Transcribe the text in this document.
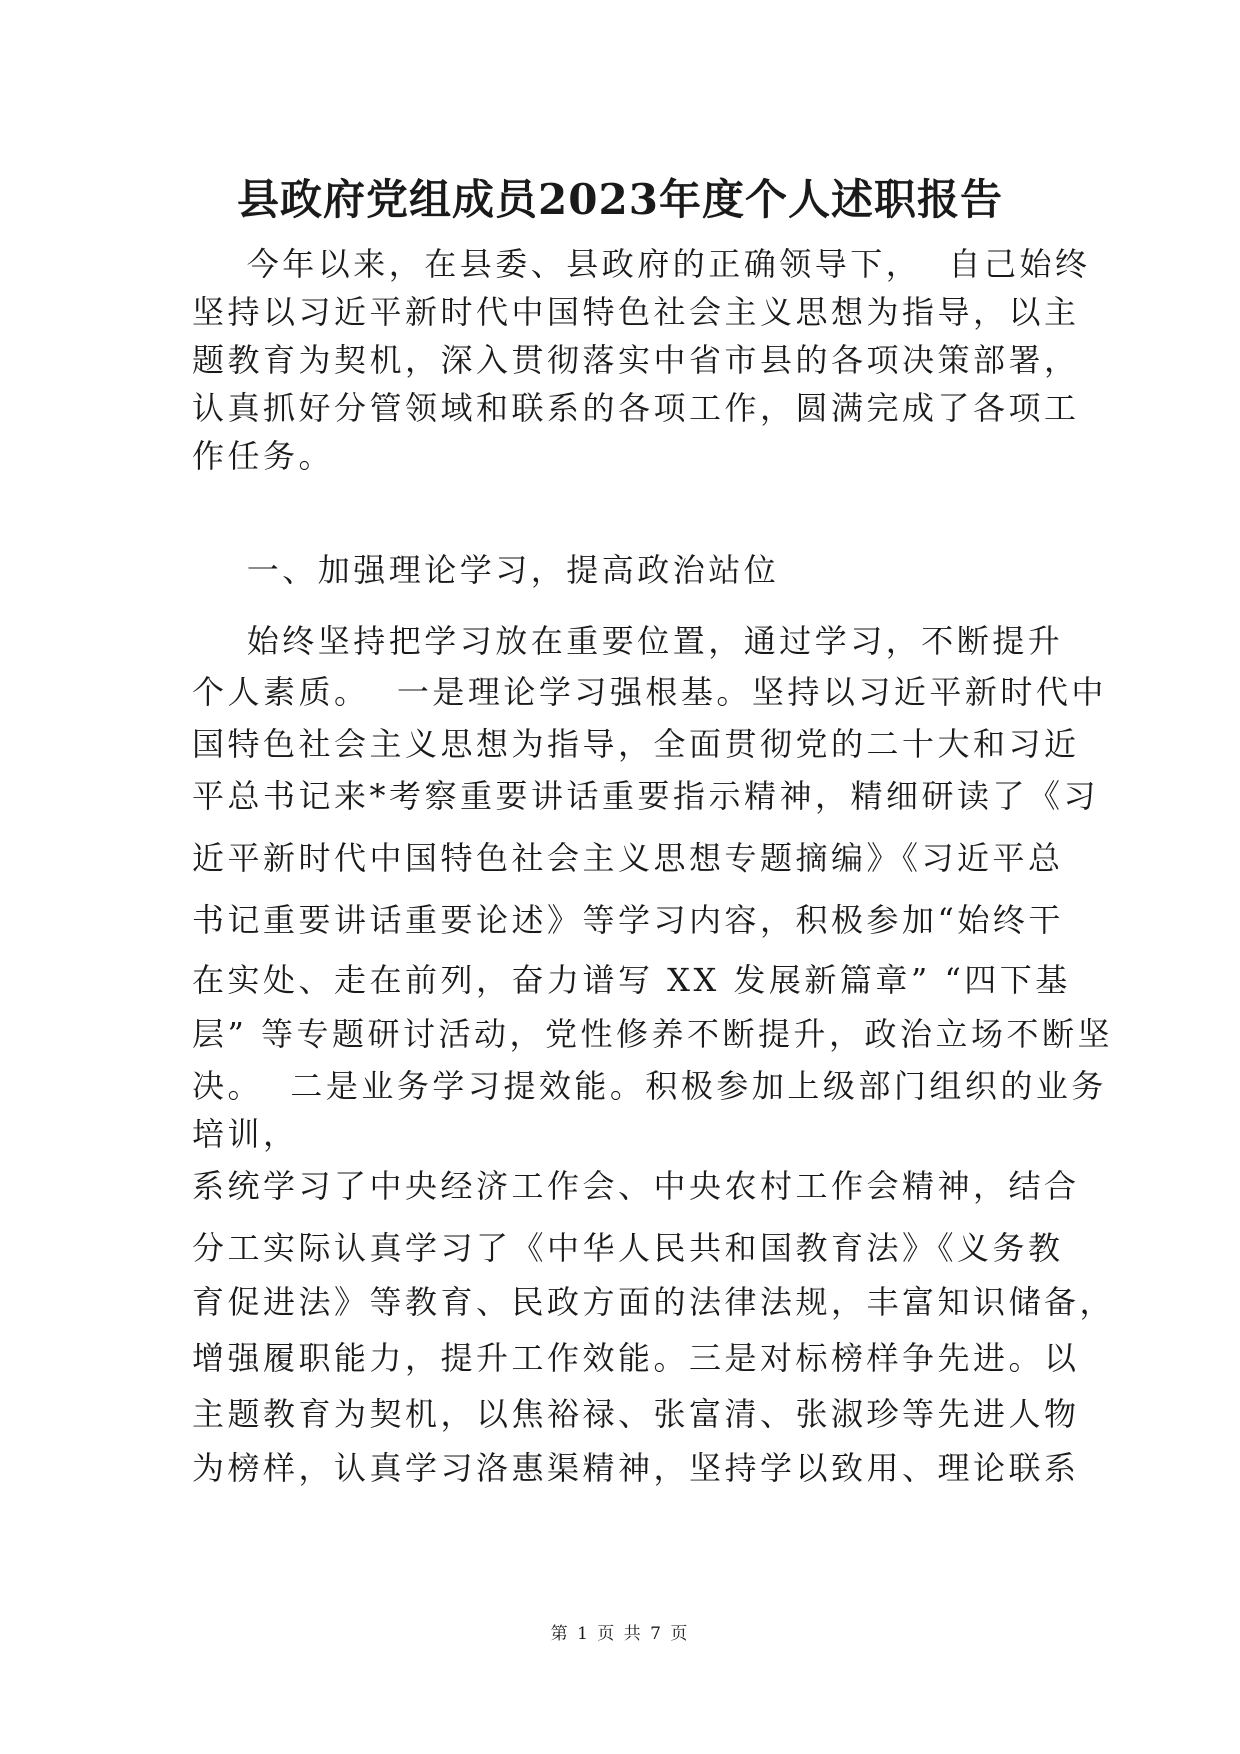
县政府党组成员2023年度个人述职报告
今年以来，在县委、县政府的正确领导下，  自己始终
坚持以习近平新时代中国特色社会主义思想为指导，以主
题教育为契机，深入贯彻落实中省市县的各项决策部署，
认真抓好分管领域和联系的各项工作，圆满完成了各项工
作任务。
一、加强理论学习，提高政治站位
始终坚持把学习放在重要位置，通过学习，不断提升
个人素质。  一是理论学习强根基。坚持以习近平新时代中
国特色社会主义思想为指导，全面贯彻党的二十大和习近
平总书记来*考察重要讲话重要指示精神，精细研读了《习
近平新时代中国特色社会主义思想专题摘编》《习近平总
书记重要讲话重要论述》等学习内容，积极参加“始终干
在实处、走在前列，奋力谱写 XX 发展新篇章” “四下基
层” 等专题研讨活动，党性修养不断提升，政治立场不断坚
决。  二是业务学习提效能。积极参加上级部门组织的业务
培训，
系统学习了中央经济工作会、中央农村工作会精神，结合
分工实际认真学习了《中华人民共和国教育法》《义务教
育促进法》等教育、民政方面的法律法规，丰富知识储备，
增强履职能力，提升工作效能。三是对标榜样争先进。以
主题教育为契机，以焦裕禄、张富清、张淑珍等先进人物
为榜样，认真学习洛惠渠精神，坚持学以致用、理论联系
第 1 页 共 7 页
